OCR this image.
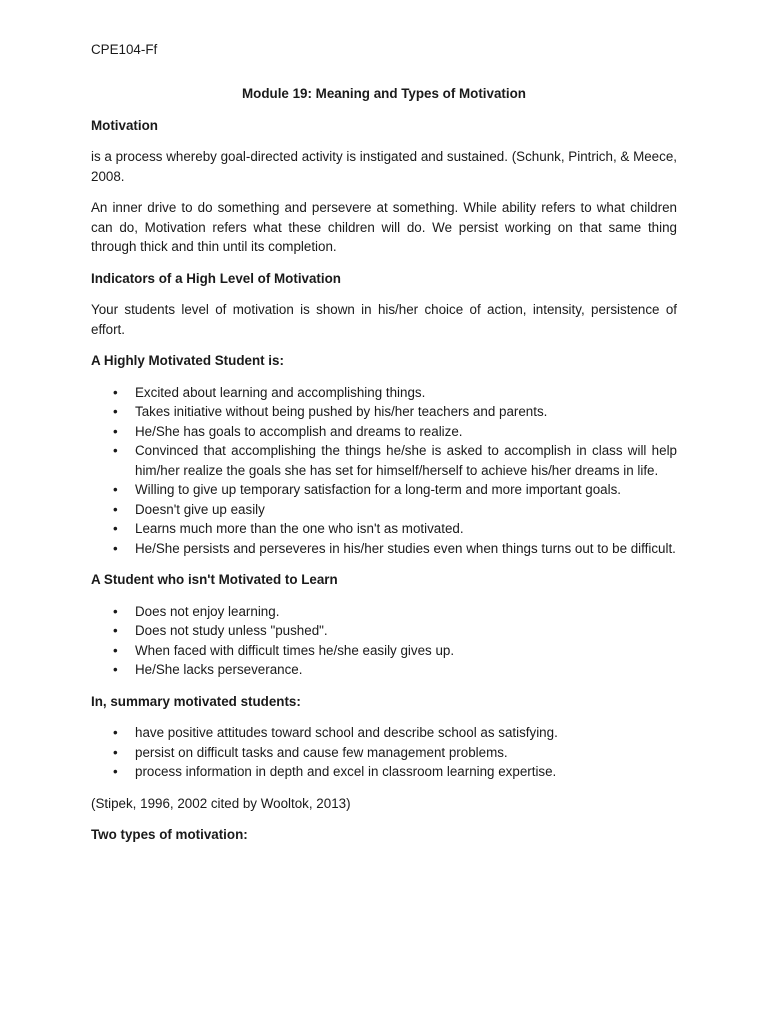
CPE104-Ff
Module 19: Meaning and Types of Motivation
Motivation

is a process whereby goal-directed activity is instigated and sustained. (Schunk, Pintrich, & Meece, 2008.

An inner drive to do something and persevere at something. While ability refers to what children can do, Motivation refers what these children will do. We persist working on that same thing through thick and thin until its completion.

Indicators of a High Level of Motivation

Your students level of motivation is shown in his/her choice of action, intensity, persistence of effort.

A Highly Motivated Student is:
• Excited about learning and accomplishing things.
• Takes initiative without being pushed by his/her teachers and parents.
• He/She has goals to accomplish and dreams to realize.
• Convinced that accomplishing the things he/she is asked to accomplish in class will help him/her realize the goals she has set for himself/herself to achieve his/her dreams in life.
• Willing to give up temporary satisfaction for a long-term and more important goals.
• Doesn't give up easily
• Learns much more than the one who isn't as motivated.
• He/She persists and perseveres in his/her studies even when things turns out to be difficult.
A Student who isn't Motivated to Learn
• Does not enjoy learning.
• Does not study unless "pushed".
• When faced with difficult times he/she easily gives up.
• He/She lacks perseverance.
In, summary motivated students:
• have positive attitudes toward school and describe school as satisfying.
• persist on difficult tasks and cause few management problems.
• process information in depth and excel in classroom learning expertise.

(Stipek, 1996, 2002 cited by Wooltok, 2013)

Two types of motivation:
